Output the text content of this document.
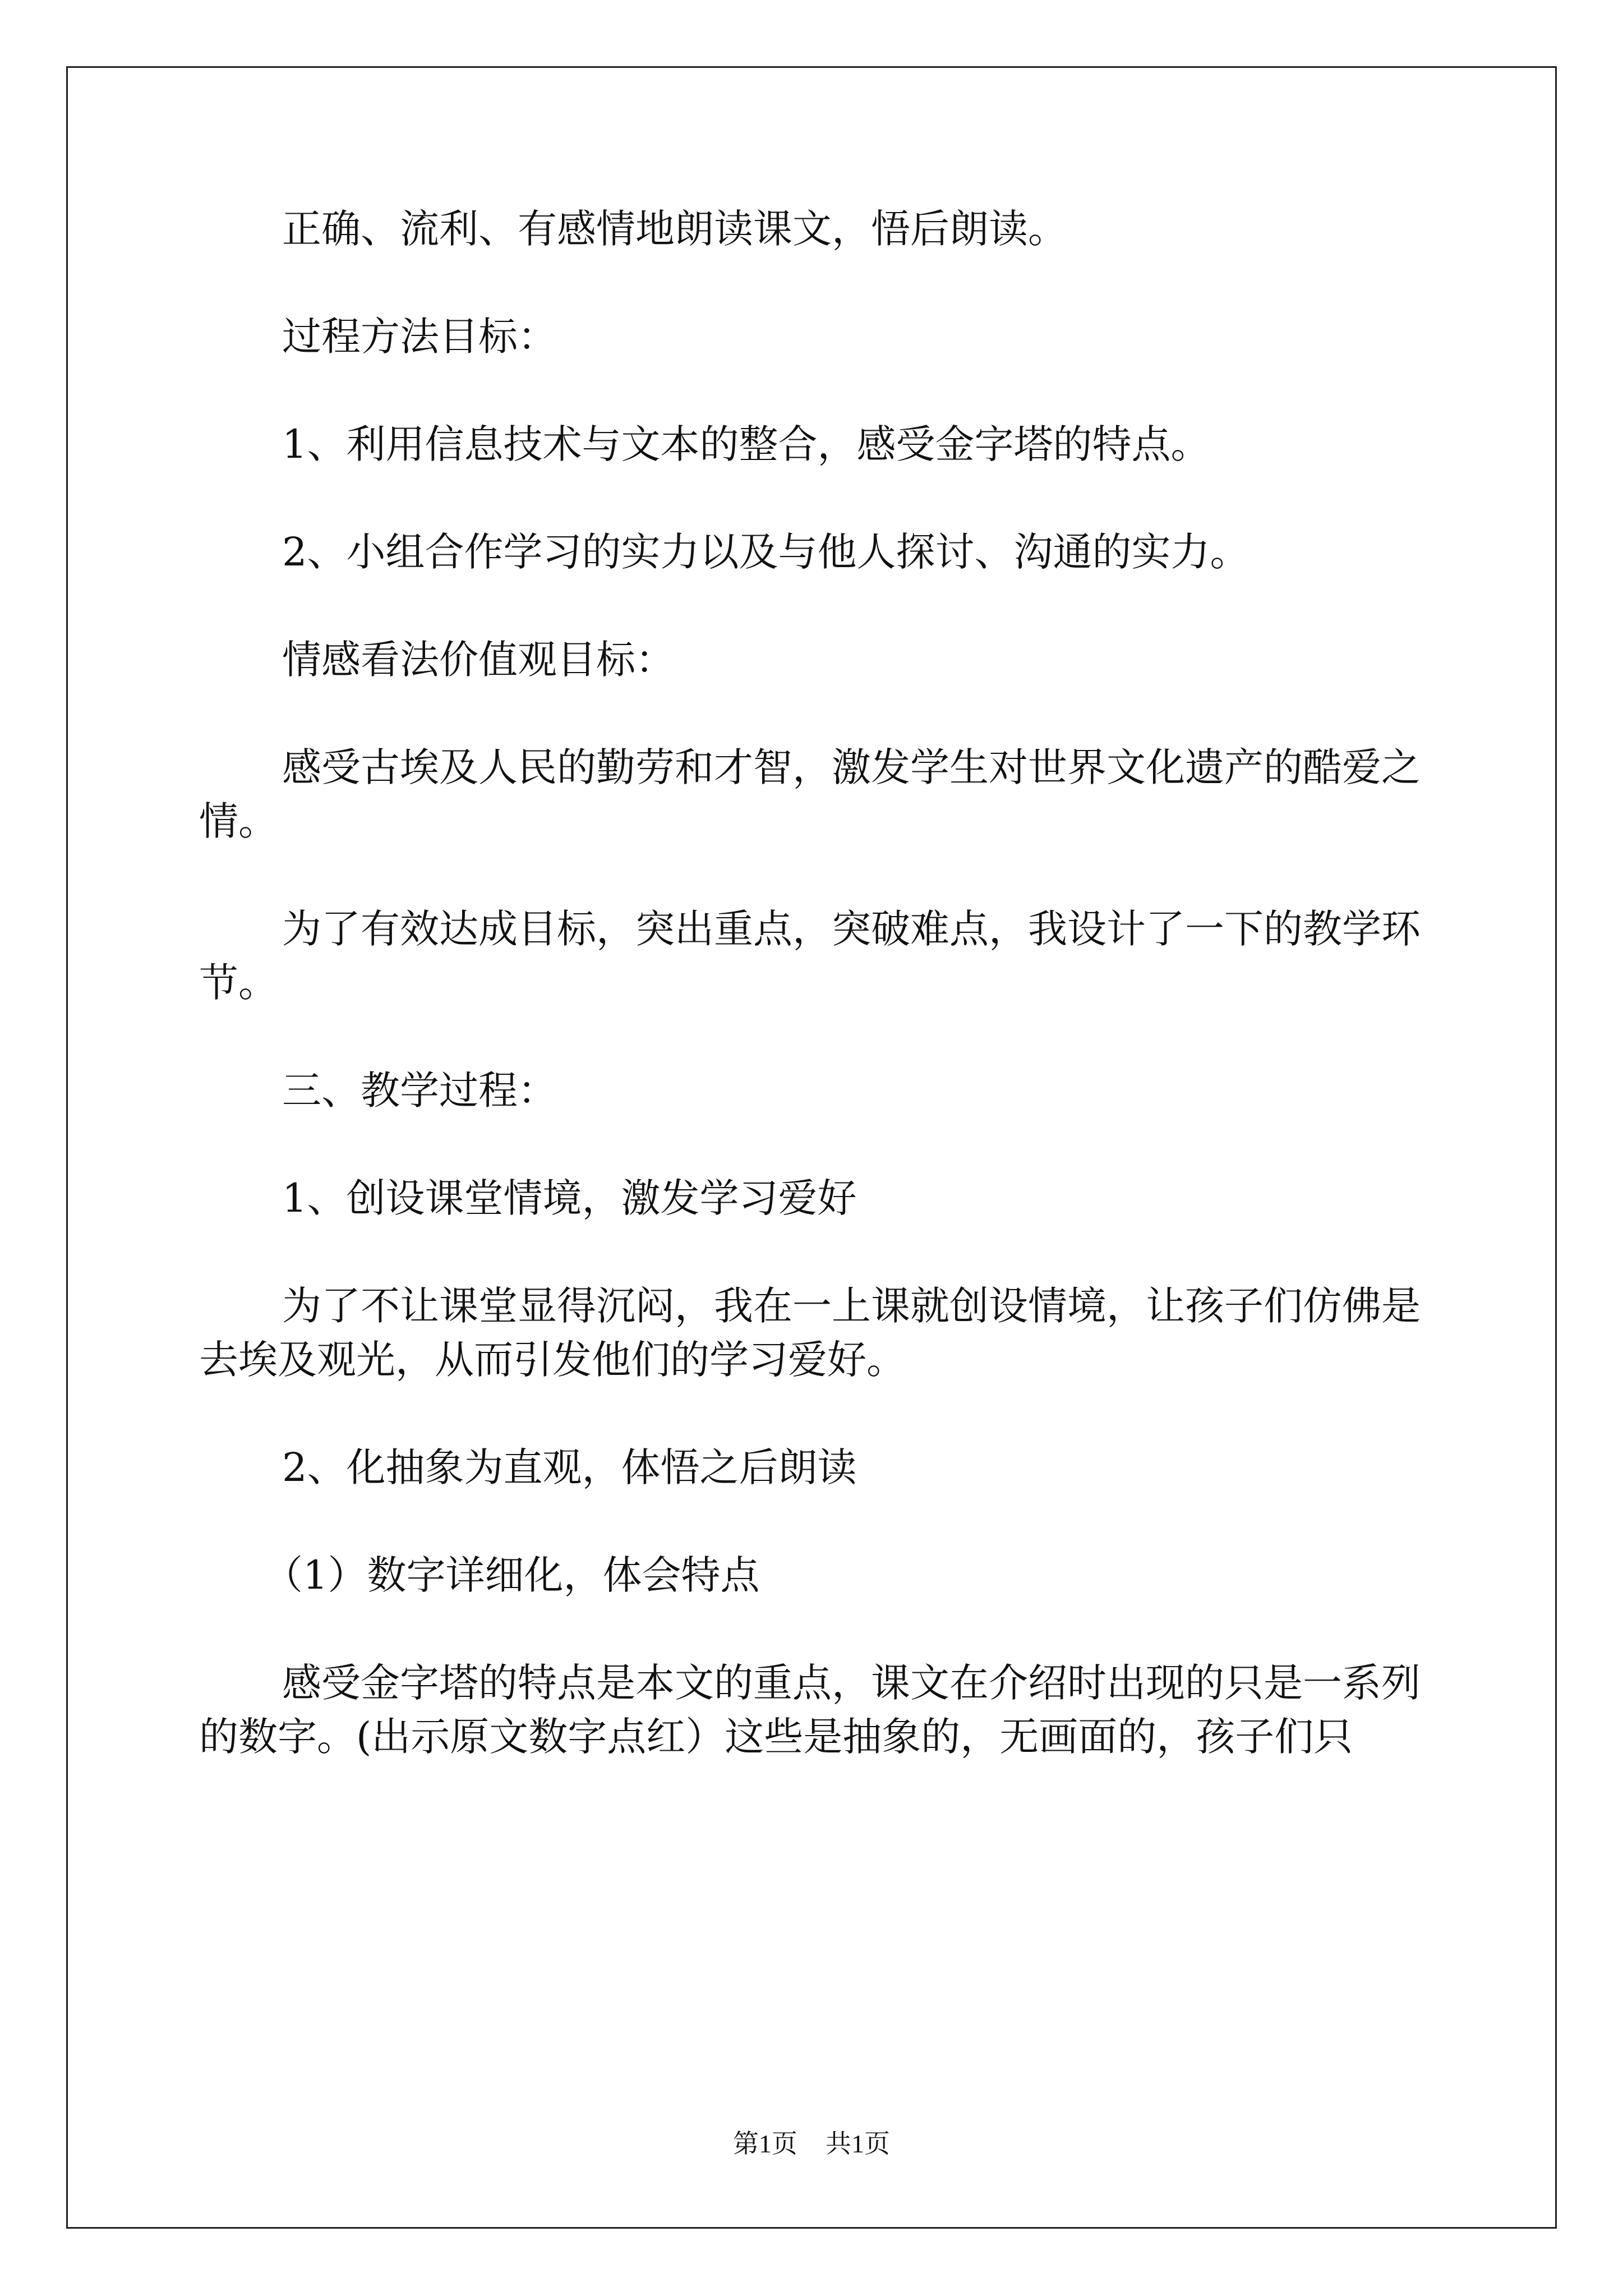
正确、流利、有感情地朗读课文，悟后朗读。

过程方法目标：

1、利用信息技术与文本的整合，感受金字塔的特点。

2、小组合作学习的实力以及与他人探讨、沟通的实力。

情感看法价值观目标：

感受古埃及人民的勤劳和才智，激发学生对世界文化遗产的酷爱之情。

为了有效达成目标，突出重点，突破难点，我设计了一下的教学环节。

三、教学过程：

1、创设课堂情境，激发学习爱好

为了不让课堂显得沉闷，我在一上课就创设情境，让孩子们仿佛是去埃及观光，从而引发他们的学习爱好。

2、化抽象为直观，体悟之后朗读

（1）数字详细化，体会特点

感受金字塔的特点是本文的重点，课文在介绍时出现的只是一系列的数字。(出示原文数字点红）这些是抽象的，无画面的，孩子们只

第1页 共1页
